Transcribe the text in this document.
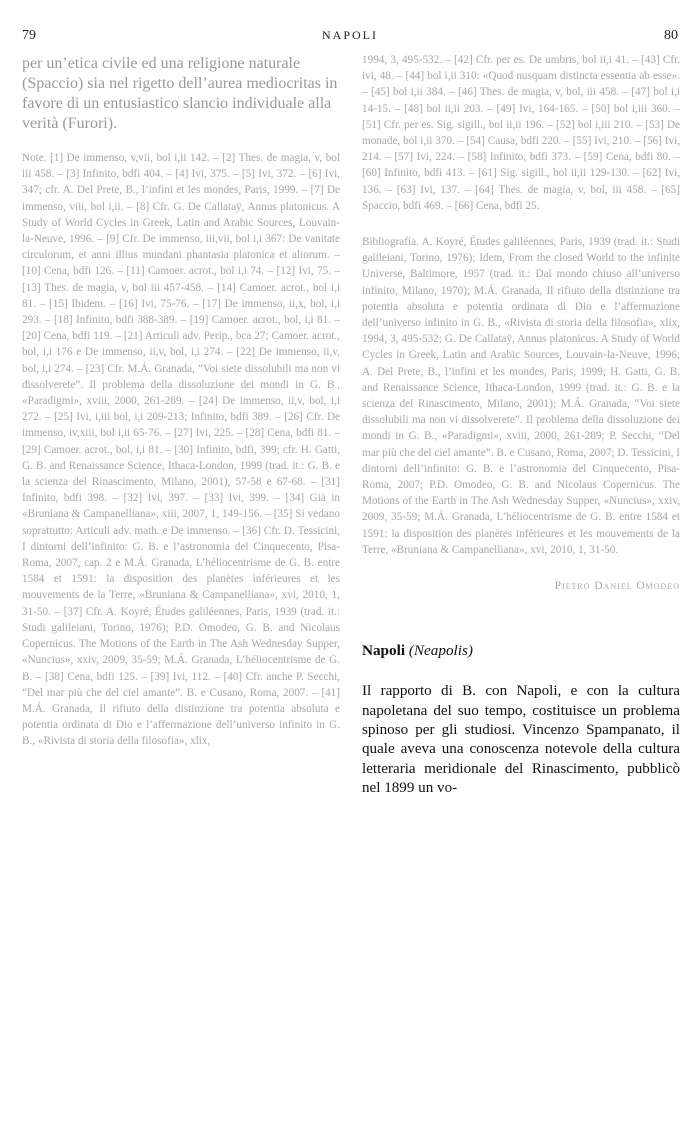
79	NAPOLI	80

per un’etica civile ed una religione naturale (Spaccio) sia nel rigetto dell’aurea mediocritas in favore di un entusiastico slancio individuale alla verità (Furori).

Note. [1] De immenso, v,vii, bol i,ii 142. – [2] Thes. de magia, v, bol iii 458. – [3] Infinito, bdfi 404. – [4] Ivi, 375. – [5] Ivi, 372. – [6] Ivi, 347; cfr. A. Del Prete, B., l’infini et les mondes, Paris, 1999. – [7] De immenso, viii, bol i,ii. – [8] Cfr. G. De Callataÿ, Annus platonicus. A Study of World Cycles in Greek, Latin and Arabic Sources, Louvain-la-Neuve, 1996. – [9] Cfr. De immenso, iii,vii, bol i,i 367: De vanitate circulorum, et anni illius mundani phantasia platonica et aliorum. – [10] Cena, bdfi 126. – [11] Camoer. acrot., bol i,i 74. – [12] Ivi, 75. – [13] Thes. de magia, v, bol iii 457-458. – [14] Camoer. acrot., bol i,i 81. – [15] Ibidem. – [16] Ivi, 75-76. – [17] De immenso, ii,x, bol, i,i 293. – [18] Infinito, bdfi 388-389. – [19] Camoer. acrot., bol, i,i 81. – [20] Cena, bdfi 119. – [21] Articuli adv. Perip., bca 27; Camoer. acrot., bol, i,i 176 e De immenso, ii,v, bol, i,i 274. – [22] De immenso, ii,v, bol, i,i 274. – [23] Cfr. M.Á. Granada, “Voi siete dissolubili ma non vi dissolverete”. Il problema della dissoluzione dei mondi in G. B., «Paradigmi», xviii, 2000, 261-289. – [24] De immenso, ii,v, bol, i,i 272. – [25] Ivi, i,iii bol, i,i 209-213; Infinito, bdfi 389. – [26] Cfr. De immenso, iv,xiii, bol i,ii 65-76. – [27] Ivi, 225. – [28] Cena, bdfi 81. – [29] Camoer. acrot., bol, i,i 81. – [30] Infinito, bdfi, 399; cfr. H. Gatti, G. B. and Renaissance Science, Ithaca-London, 1999 (trad. it.: G. B. e la scienza del Rinascimento, Milano, 2001), 57-58 e 67-68. – [31] Infinito, bdfi 398. – [32] Ivi, 397. – [33] Ivi, 399. – [34] Già in «Bruniana & Campanelliana», xiii, 2007, 1, 149-156. – [35] Si vedano soprattutto: Articuli adv. math. e De immenso. – [36] Cfr. D. Tessicini, I dintorni dell’infinito: G. B. e l’astronomia del Cinquecento, Pisa-Roma, 2007, cap. 2 e M.Á. Granada, L’héliocentrisme de G. B. entre 1584 et 1591: la disposition des planètes inférieures et les mouvements de la Terre, «Bruniana & Campanelliana», xvi, 2010, 1, 31-50. – [37] Cfr. A. Koyré, Études galiléennes, Paris, 1939 (trad. it.: Studi galileiani, Torino, 1976); P.D. Omodeo, G. B. and Nicolaus Copernicus. The Motions of the Earth in The Ash Wednesday Supper, «Nuncius», xxiv, 2009, 35-59; M.Á. Granada, L’héliocentrisme de G. B. – [38] Cena, bdfi 125. – [39] Ivi, 112. – [40] Cfr. anche P. Secchi, “Del mar più che del ciel amante”. B. e Cusano, Roma, 2007. – [41] M.Á. Granada, Il rifiuto della distinzione tra potentia absoluta e potentia ordinata di Dio e l’affermazione dell’universo infinito in G. B., «Rivista di storia della filosofia», xlix,

1994, 3, 495-532. – [42] Cfr. per es. De umbris, bol ii,i 41. – [43] Cfr. ivi, 48. – [44] bol i,ii 310: «Quod nusquam distincta essentia ab esse». – [45] bol i,ii 384. – [46] Thes. de magia, v, bol, iii 458. – [47] bol i,i 14-15. – [48] bol ii,ii 203. – [49] Ivi, 164-165. – [50] bol i,iii 360. – [51] Cfr. per es. Sig. sigill., bol ii,ii 196. – [52] bol i,iii 210. – [53] De monade, bol i,ii 370. – [54] Causa, bdfi 220. – [55] Ivi, 210. – [56] Ivi, 214. – [57] Ivi, 224. – [58] Infinito, bdfi 373. – [59] Cena, bdfi 80. – [60] Infinito, bdfi 413. – [61] Sig. sigill., bol ii,ii 129-130. – [62] Ivi, 136. – [63] Ivi, 137. – [64] Thes. de magia, v, bol, iii 458. – [65] Spaccio, bdfi 469. – [66] Cena, bdfi 25.

Bibliografia. A. Koyré, Études galiléennes, Paris, 1939 (trad. it.: Studi galileiani, Torino, 1976); Idem, From the closed World to the infinite Universe, Baltimore, 1957 (trad. it.: Dal mondo chiuso all’universo infinito, Milano, 1970); M.Á. Granada, Il rifiuto della distinzione tra potentia absoluta e potentia ordinata di Dio e l’affermazione dell’universo infinito in G. B., «Rivista di storia della filosofia», xlix, 1994, 3, 495-532; G. De Callataÿ, Annus platonicus. A Study of World Cycles in Greek, Latin and Arabic Sources, Louvain-la-Neuve, 1996; A. Del Prete, B., l’infini et les mondes, Paris, 1999; H. Gatti, G. B. and Renaissance Science, Ithaca-London, 1999 (trad. it.: G. B. e la scienza del Rinascimento, Milano, 2001); M.Á. Granada, “Voi siete dissolubili ma non vi dissolverete”. Il problema della dissoluzione dei mondi in G. B., «Paradigmi», xviii, 2000, 261-289; P. Secchi, “Del mar più che del ciel amante”. B. e Cusano, Roma, 2007; D. Tessicini, I dintorni dell’infinito: G. B. e l’astronomia del Cinquecento, Pisa-Roma, 2007; P.D. Omodeo, G. B. and Nicolaus Copernicus. The Motions of the Earth in The Ash Wednesday Supper, «Nuncius», xxiv, 2009, 35-59; M.Á. Granada, L’héliocentrisme de G. B. entre 1584 et 1591: la disposition des planètes inférieures et les mouvements de la Terre, «Bruniana & Campanelliana», xvi, 2010, 1, 31-50.

Pietro Daniel Omodeo

Napoli (Neapolis)

Il rapporto di B. con Napoli, e con la cultura napoletana del suo tempo, costituisce un problema spinoso per gli studiosi. Vincenzo Spampanato, il quale aveva una conoscenza notevole della cultura letteraria meridionale del Rinascimento, pubblicò nel 1899 un vo-
